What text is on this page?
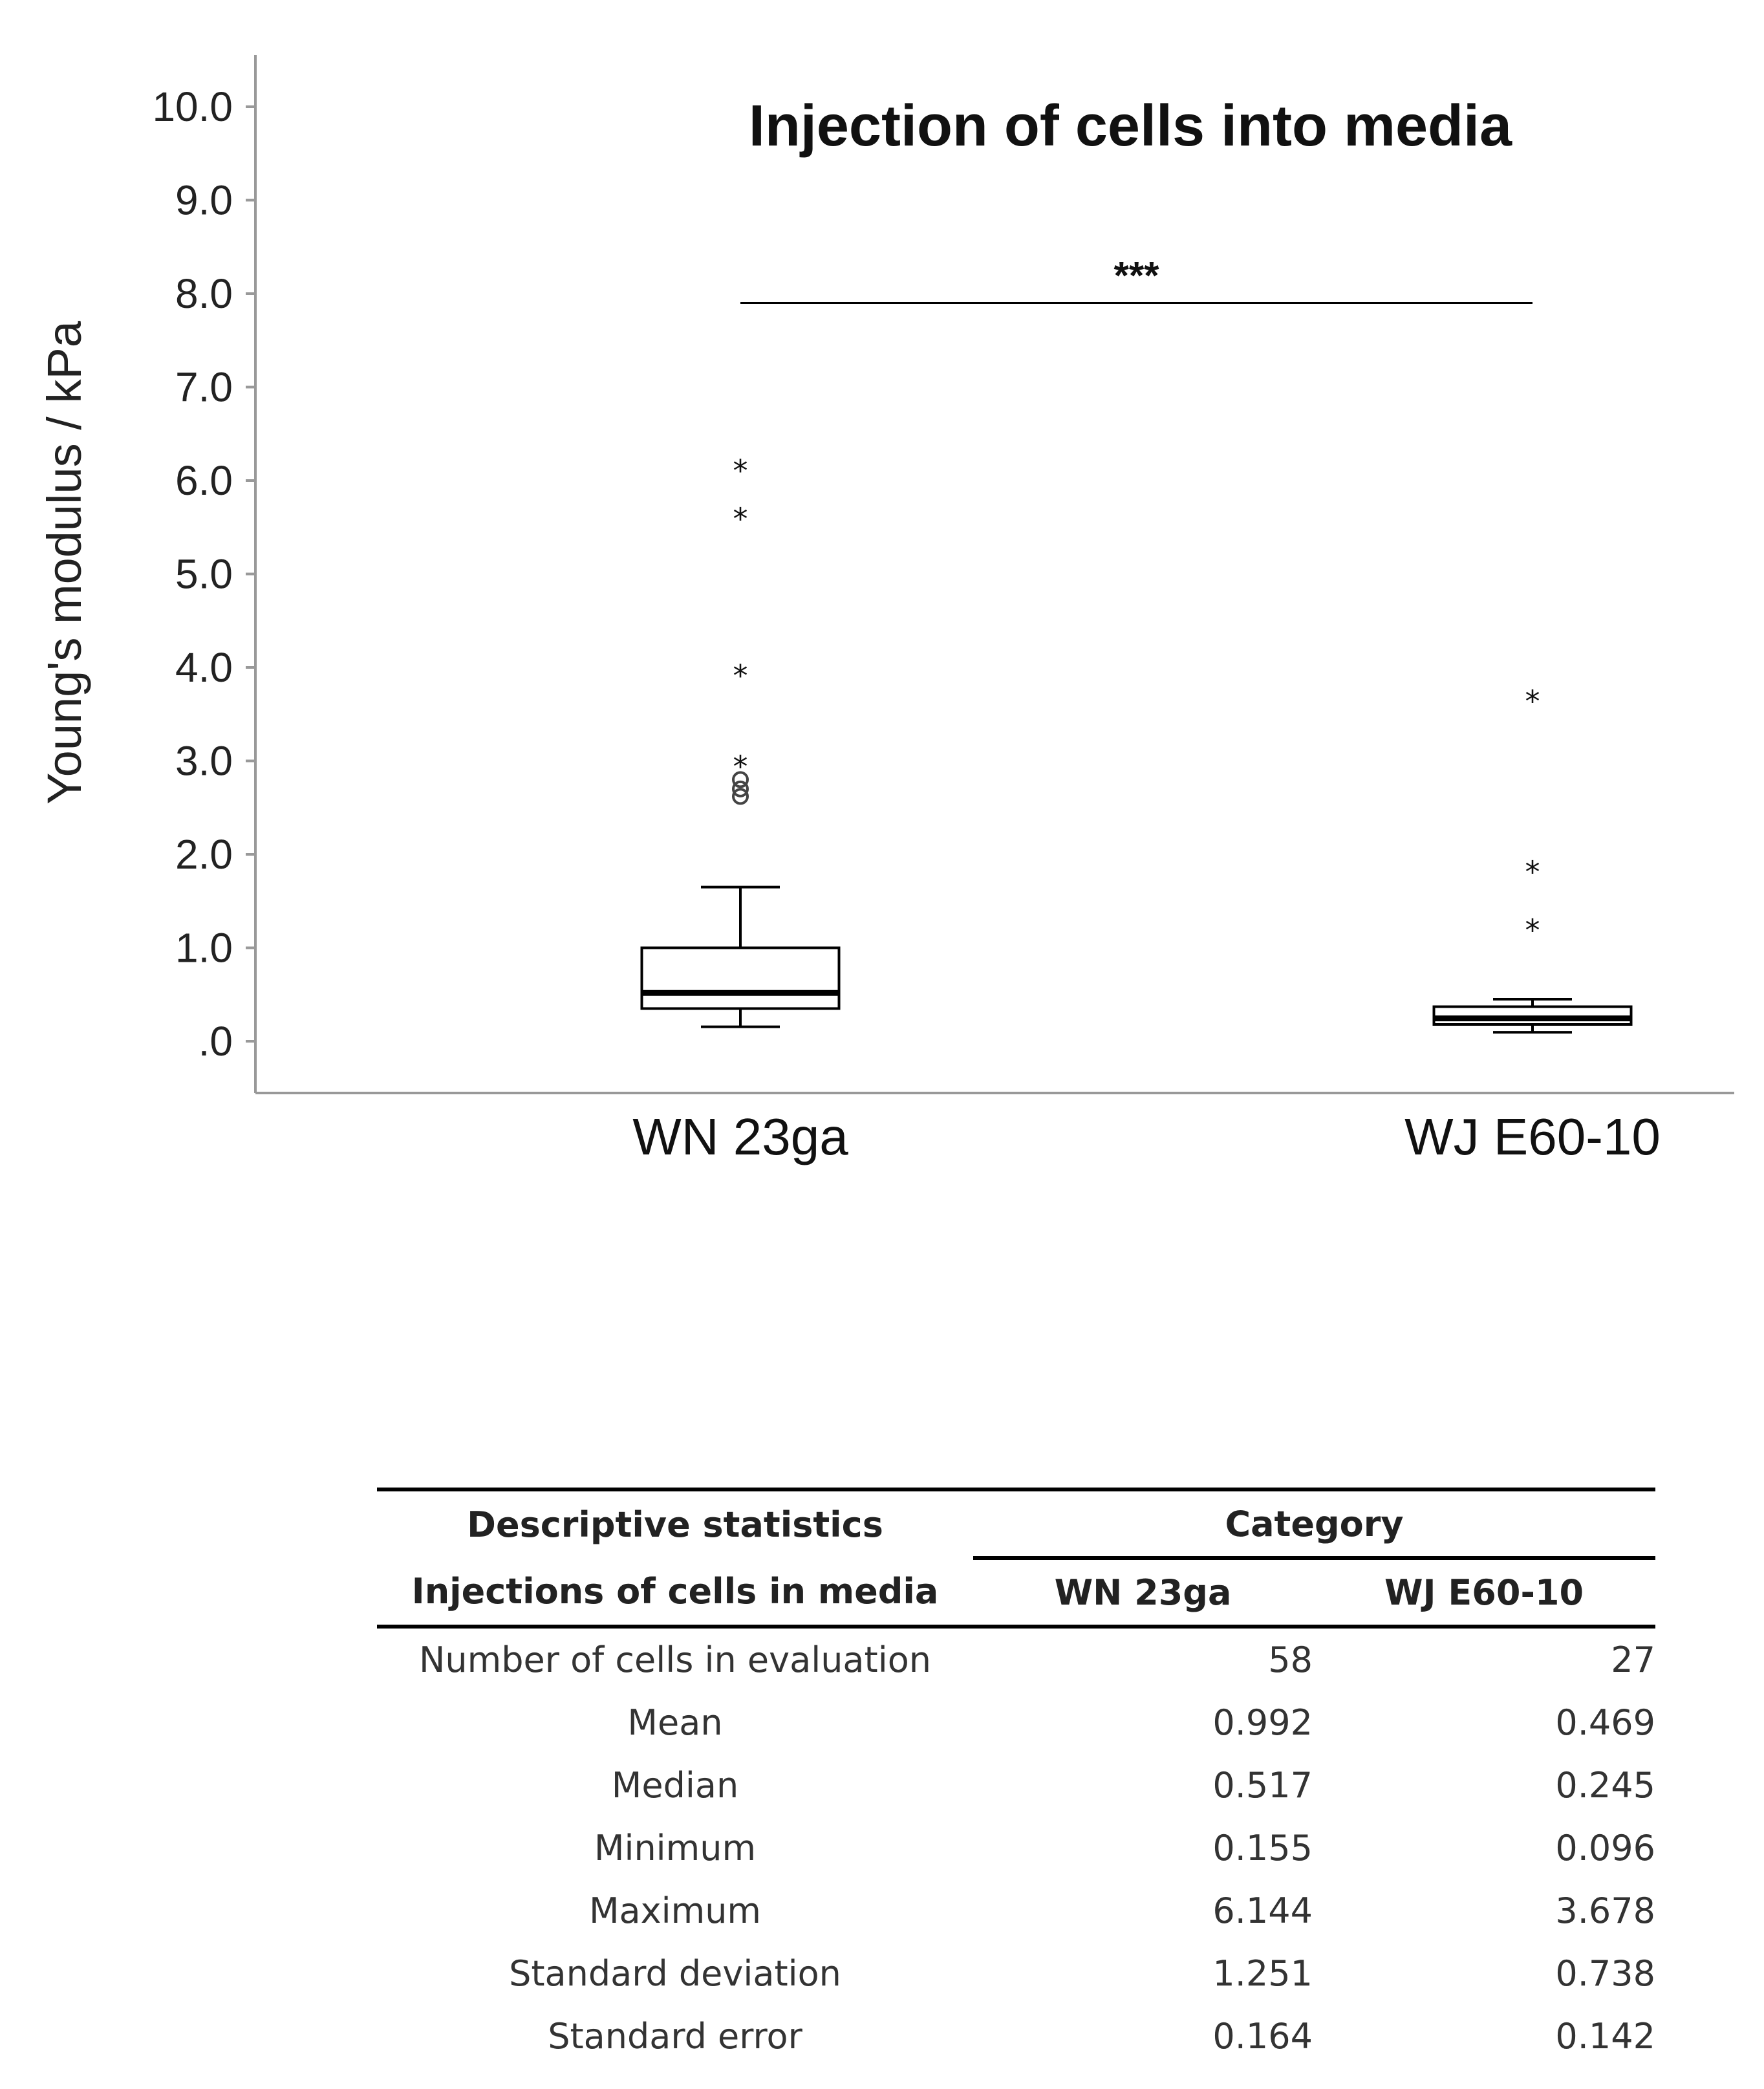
.0
1.0
2.0
3.0
4.0
5.0
6.0
7.0
8.0
9.0
10.0
Young's modulus / kPa
Injection of cells into media
*
*
*
*
*
*
*
WN 23ga	WJ E60-10
***
Descriptive statistics	Category	
Injections of cells in media	WN 23ga	WJ E60-10
Number of cells in evaluation	58	27
Mean	0.992	0.469
Median	0.517	0.245
Minimum	0.155	0.096
Maximum	6.144	3.678
Standard deviation	1.251	0.738
Standard error	0.164	0.142
